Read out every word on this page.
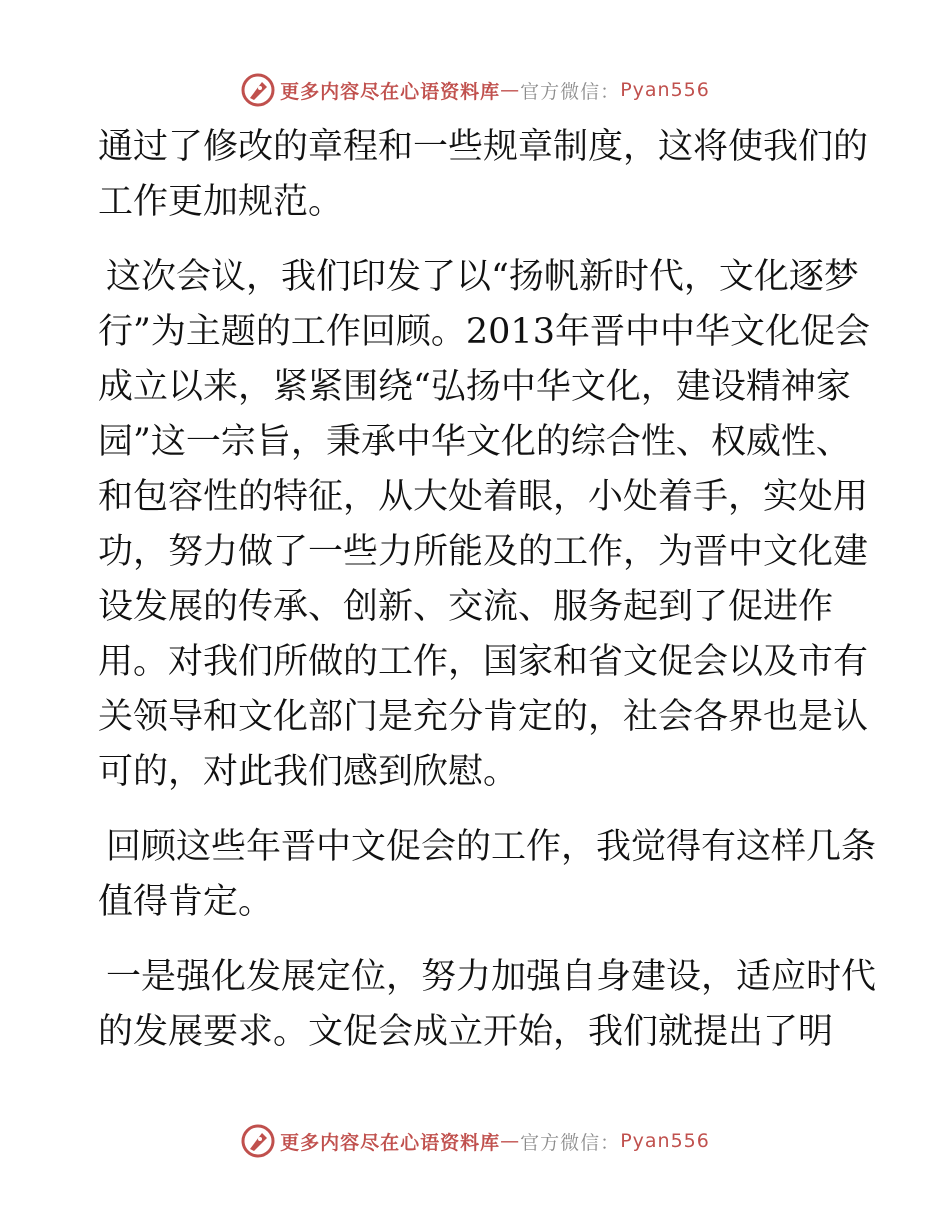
更多内容尽在心语资料库 — 官方微信： Pyan556

通过了修改的章程和一些规章制度，这将使我们的工作更加规范。

这次会议，我们印发了以“扬帆新时代，文化逐梦行”为主题的工作回顾。2013年晋中中华文化促会成立以来，紧紧围绕“弘扬中华文化，建设精神家园”这一宗旨，秉承中华文化的综合性、权威性、和包容性的特征，从大处着眼，小处着手，实处用功，努力做了一些力所能及的工作，为晋中文化建设发展的传承、创新、交流、服务起到了促进作用。对我们所做的工作，国家和省文促会以及市有关领导和文化部门是充分肯定的，社会各界也是认可的，对此我们感到欣慰。

回顾这些年晋中文促会的工作，我觉得有这样几条值得肯定。

一是强化发展定位，努力加强自身建设，适应时代的发展要求。文促会成立开始，我们就提出了明

更多内容尽在心语资料库 — 官方微信： Pyan556
